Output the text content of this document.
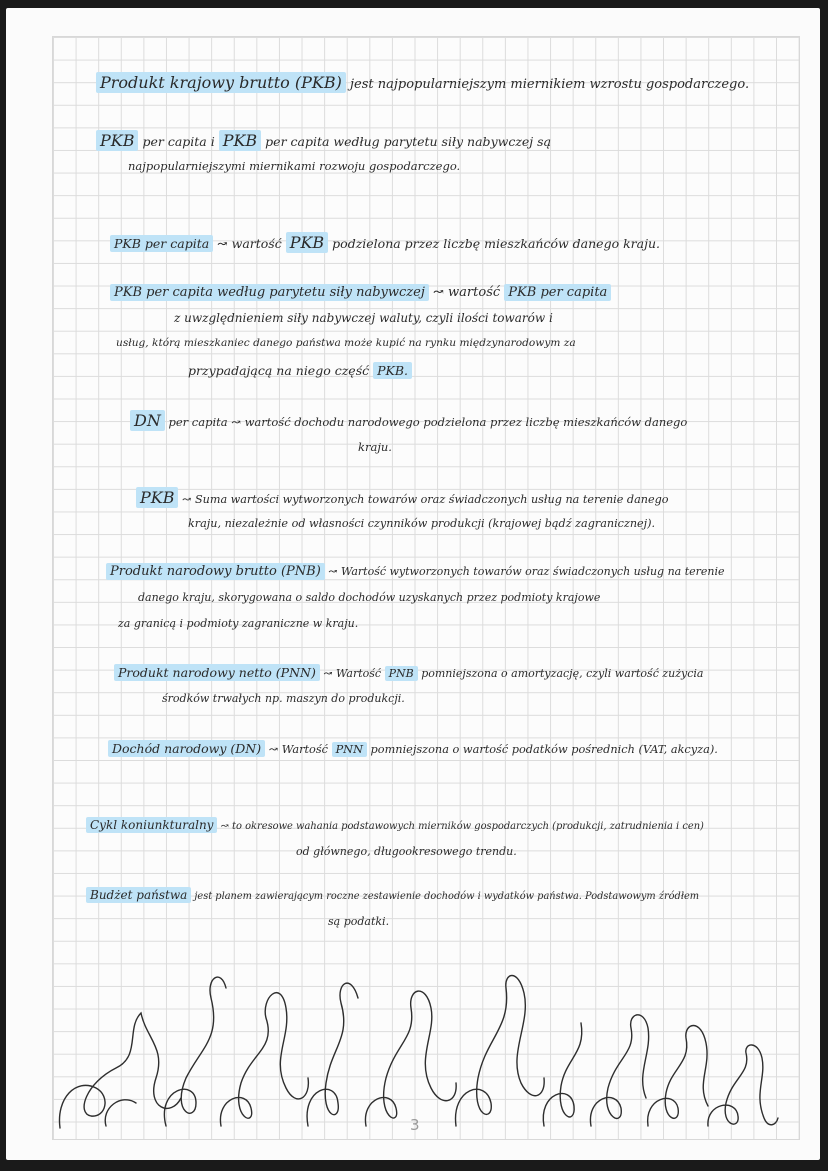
Produkt krajowy brutto (PKB) jest najpopularniejszym miernikiem wzrostu gospodarczego.
PKB per capita i PKB per capita według parytetu siły nabywczej są
najpopularniejszymi miernikami rozwoju gospodarczego.
PKB per capita ↝ wartość PKB podzielona przez liczbę mieszkańców danego kraju.
PKB per capita według parytetu siły nabywczej ↝ wartość PKB per capita
z uwzględnieniem siły nabywczej waluty, czyli ilości towarów i
usług, którą mieszkaniec danego państwa może kupić na rynku międzynarodowym za
przypadającą na niego część PKB.
DN per capita ↝ wartość dochodu narodowego podzielona przez liczbę mieszkańców danego
kraju.
PKB ↝ Suma wartości wytworzonych towarów oraz świadczonych usług na terenie danego
kraju, niezależnie od własności czynników produkcji (krajowej bądź zagranicznej).
Produkt narodowy brutto (PNB) ↝ Wartość wytworzonych towarów oraz świadczonych usług na terenie
danego kraju, skorygowana o saldo dochodów uzyskanych przez podmioty krajowe
za granicą i podmioty zagraniczne w kraju.
Produkt narodowy netto (PNN) ↝ Wartość PNB pomniejszona o amortyzację, czyli wartość zużycia
środków trwałych np. maszyn do produkcji.
Dochód narodowy (DN) ↝ Wartość PNN pomniejszona o wartość podatków pośrednich (VAT, akcyza).
Cykl koniunkturalny ↝ to okresowe wahania podstawowych mierników gospodarczych (produkcji, zatrudnienia i cen)
od głównego, długookresowego trendu.
Budżet państwa jest planem zawierającym roczne zestawienie dochodów i wydatków państwa. Podstawowym źródłem
są podatki.
3
